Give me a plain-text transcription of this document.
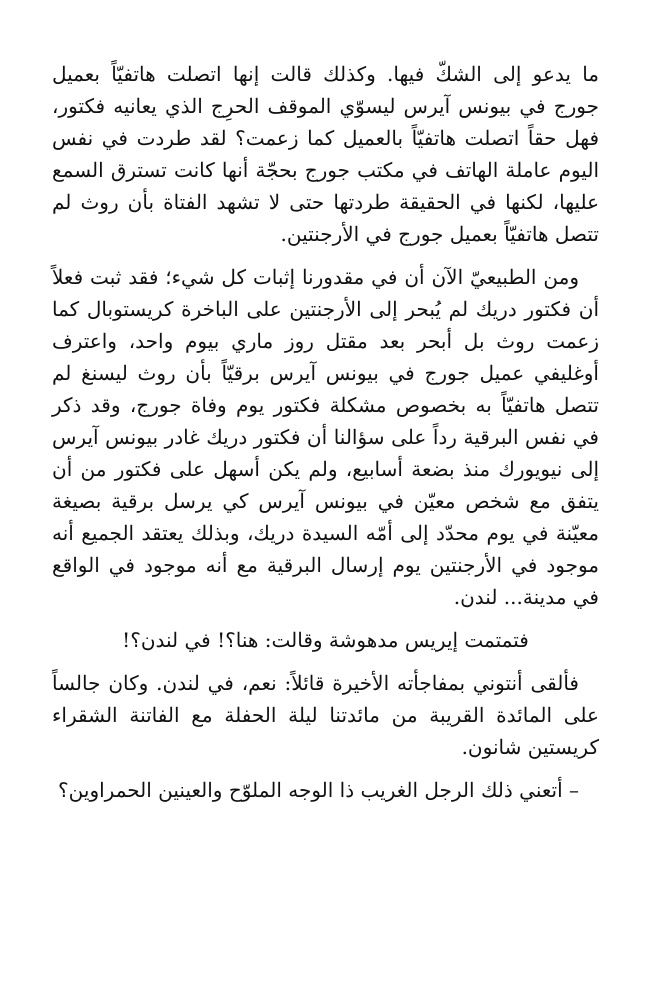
ما يدعو إلى الشكّ فيها. وكذلك قالت إنها اتصلت هاتفيّاً بعميل جورج في بيونس آيرس ليسوّي الموقف الحرِج الذي يعانيه فكتور، فهل حقاً اتصلت هاتفيّاً بالعميل كما زعمت؟ لقد طردت في نفس اليوم عاملة الهاتف في مكتب جورج بحجّة أنها كانت تسترق السمع عليها، لكنها في الحقيقة طردتها حتى لا تشهد الفتاة بأن روث لم تتصل هاتفيّاً بعميل جورج في الأرجنتين.

ومن الطبيعيّ الآن أن في مقدورنا إثبات كل شيء؛ فقد ثبت فعلاً أن فكتور دريك لم يُبحر إلى الأرجنتين على الباخرة كريستوبال كما زعمت روث بل أبحر بعد مقتل روز ماري بيوم واحد، واعترف أوغليفي عميل جورج في بيونس آيرس برقيّاً بأن روث ليسنغ لم تتصل هاتفيّاً به بخصوص مشكلة فكتور يوم وفاة جورج، وقد ذكر في نفس البرقية رداً على سؤالنا أن فكتور دريك غادر بيونس آيرس إلى نيويورك منذ بضعة أسابيع، ولم يكن أسهل على فكتور من أن يتفق مع شخص معيّن في بيونس آيرس كي يرسل برقية بصيغة معيّنة في يوم محدّد إلى أمّه السيدة دريك، وبذلك يعتقد الجميع أنه موجود في الأرجنتين يوم إرسال البرقية مع أنه موجود في الواقع في مدينة... لندن.

فتمتمت إيريس مدهوشة وقالت: هنا؟! في لندن؟!

فألقى أنتوني بمفاجأته الأخيرة قائلاً: نعم، في لندن. وكان جالساً على المائدة القريبة من مائدتنا ليلة الحفلة مع الفاتنة الشقراء كريستين شانون.

– أتعني ذلك الرجل الغريب ذا الوجه الملوّح والعينين الحمراوين؟
